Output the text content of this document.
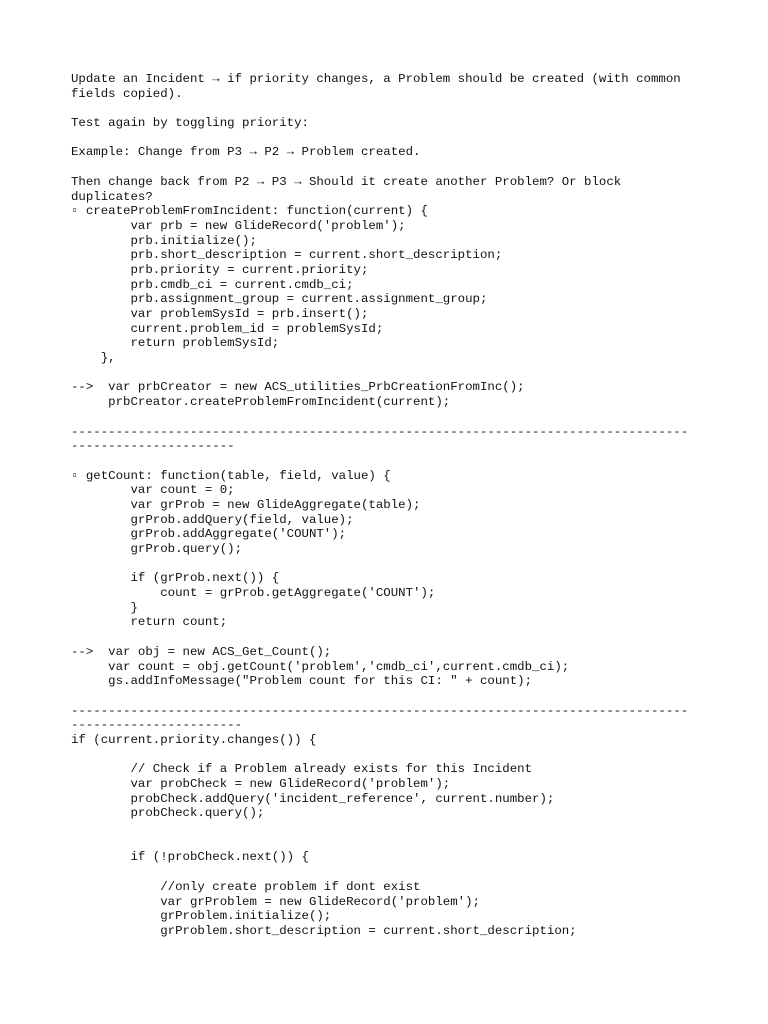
Update an Incident → if priority changes, a Problem should be created (with common
fields copied).
Test again by toggling priority:
Example: Change from P3 → P2 → Problem created.
Then change back from P2 → P3 → Should it create another Problem? Or block
duplicates?
▫ createProblemFromIncident: function(current) {
var prb = new GlideRecord('problem');
prb.initialize();
prb.short_description = current.short_description;
prb.priority = current.priority;
prb.cmdb_ci = current.cmdb_ci;
prb.assignment_group = current.assignment_group;
var problemSysId = prb.insert();
current.problem_id = problemSysId;
return problemSysId;
},
-->  var prbCreator = new ACS_utilities_PrbCreationFromInc();
prbCreator.createProblemFromIncident(current);
-----------------------------------------------------------------------------------
----------------------
▫ getCount: function(table, field, value) {
var count = 0;
var grProb = new GlideAggregate(table);
grProb.addQuery(field, value);
grProb.addAggregate('COUNT');
grProb.query();
if (grProb.next()) {
count = grProb.getAggregate('COUNT');
}
return count;
-->  var obj = new ACS_Get_Count();
var count = obj.getCount('problem','cmdb_ci',current.cmdb_ci);
gs.addInfoMessage("Problem count for this CI: " + count);
-----------------------------------------------------------------------------------
-----------------------
if (current.priority.changes()) {
// Check if a Problem already exists for this Incident
var probCheck = new GlideRecord('problem');
probCheck.addQuery('incident_reference', current.number);
probCheck.query();
if (!probCheck.next()) {
//only create problem if dont exist
var grProblem = new GlideRecord('problem');
grProblem.initialize();
grProblem.short_description = current.short_description;
